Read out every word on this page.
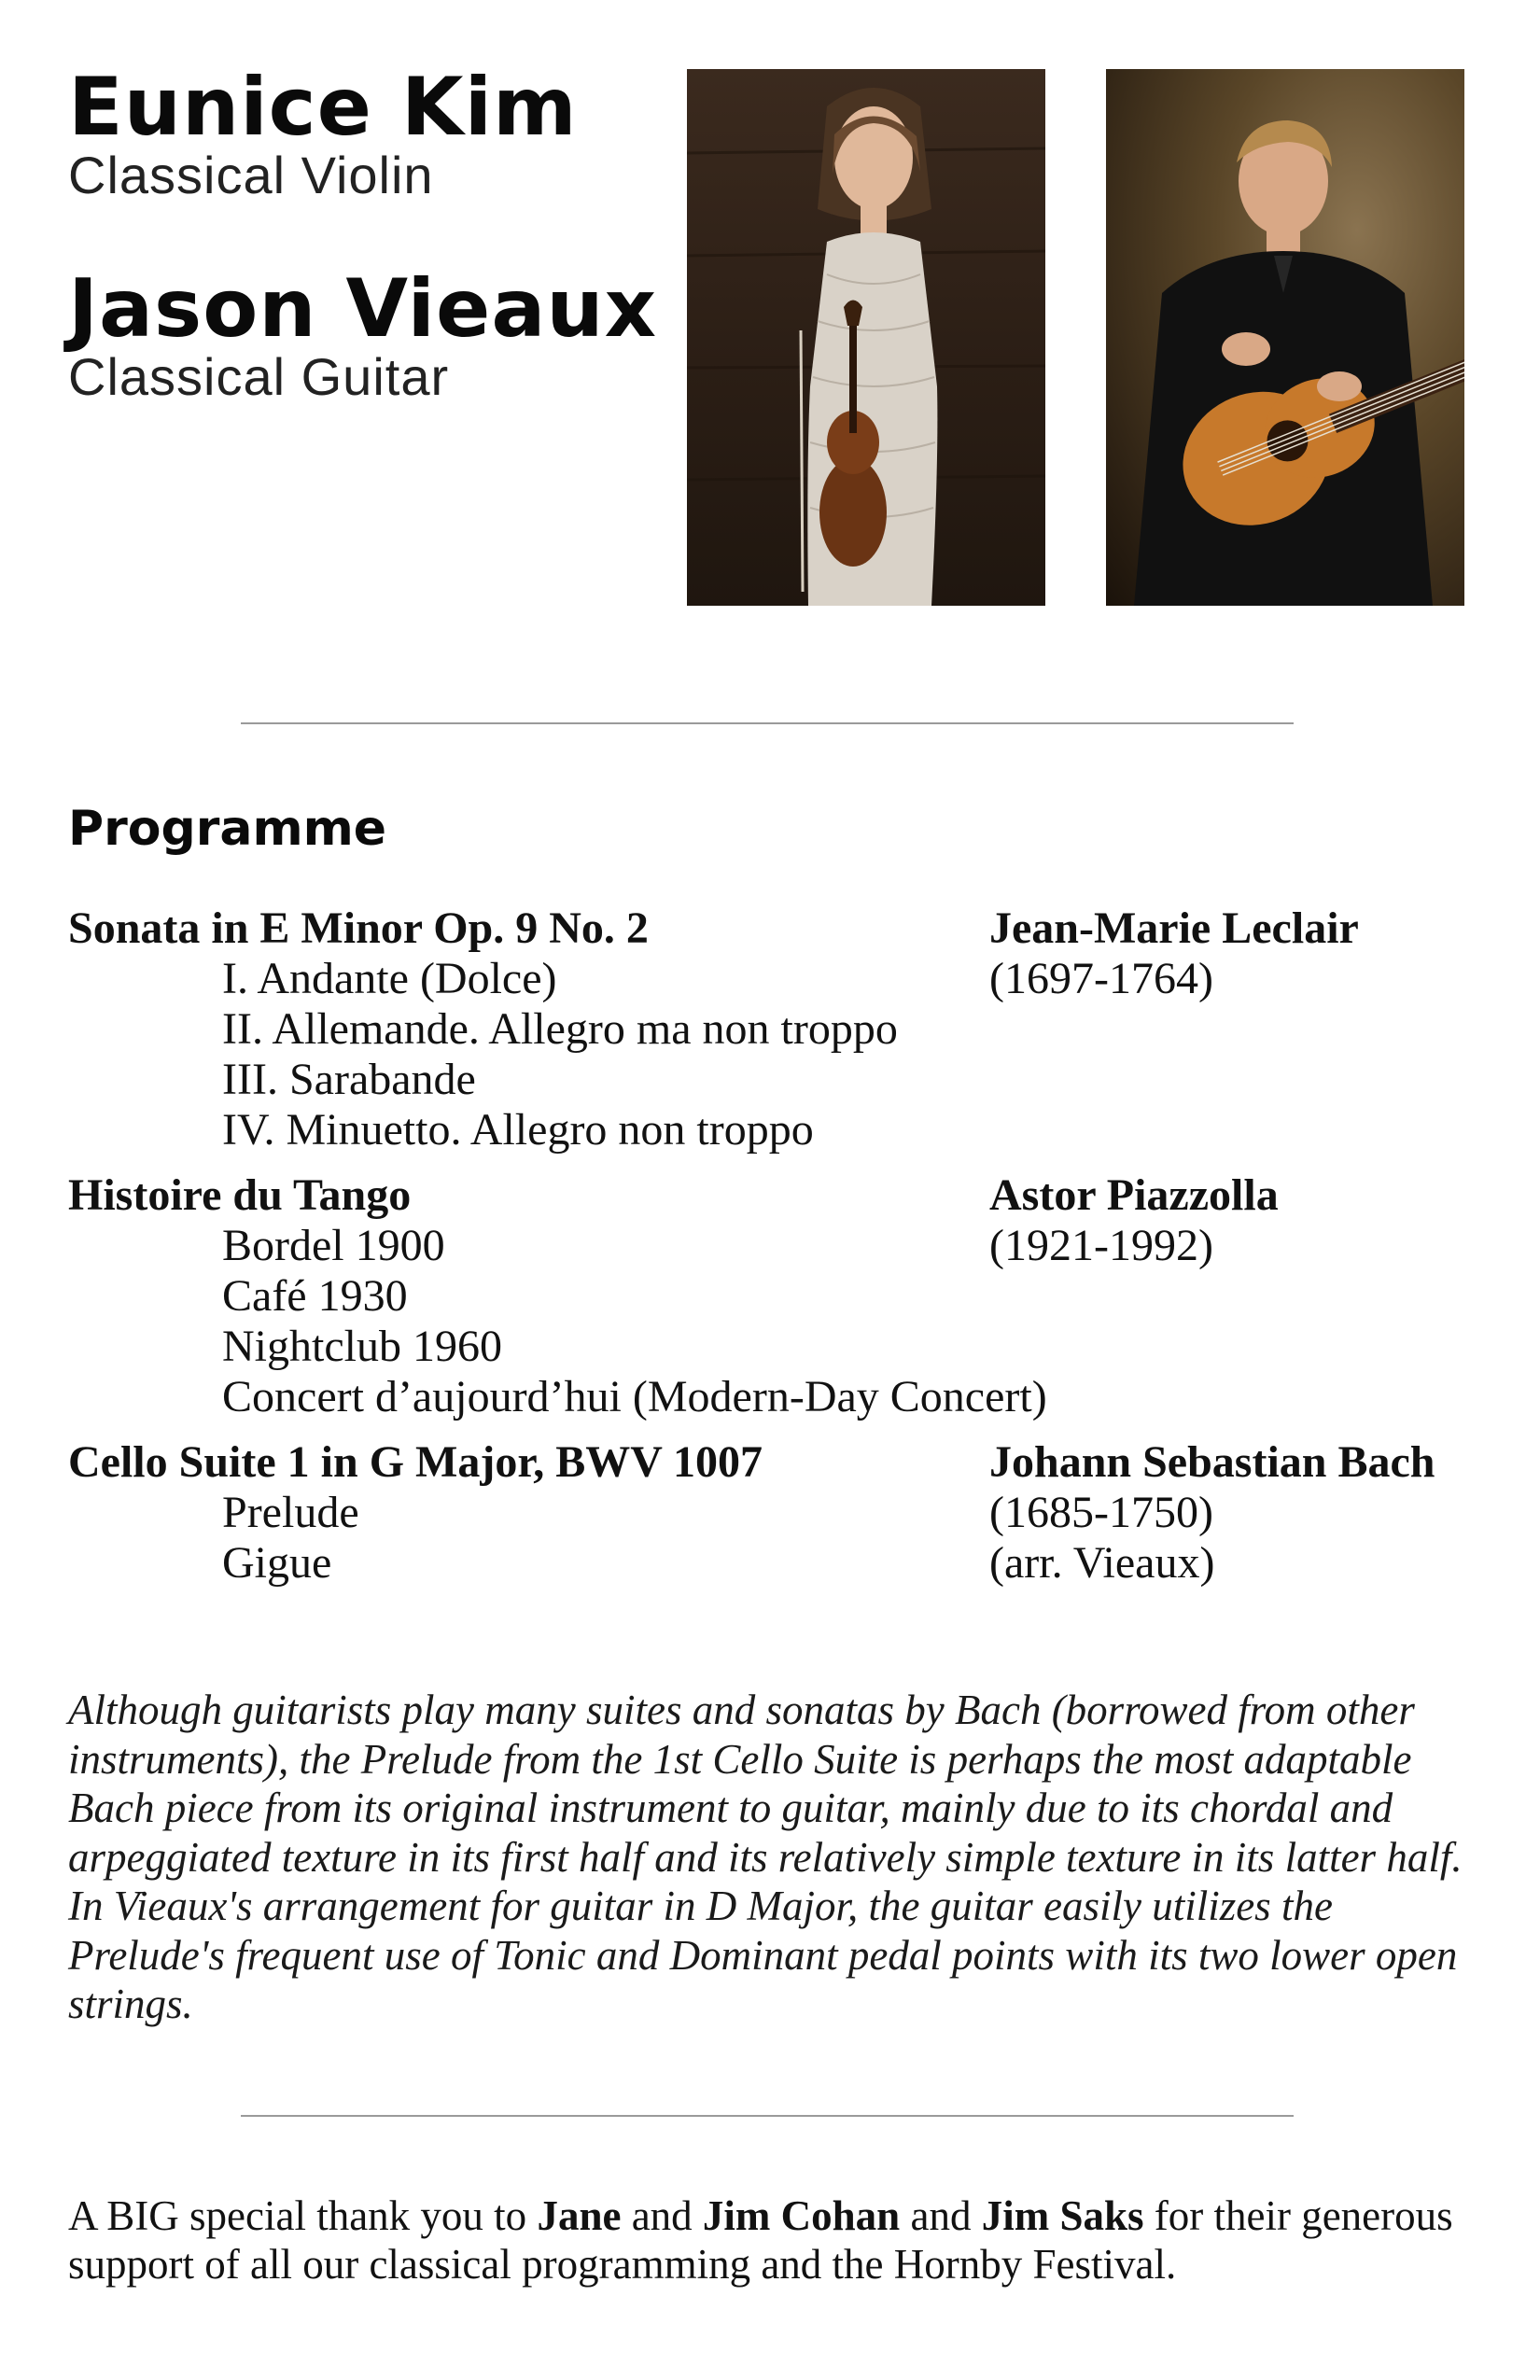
Eunice Kim

Classical Violin

Jason Vieaux

Classical Guitar

Programme

Sonata in E Minor Op. 9 No. 2

I. Andante (Dolce)

II. Allemande. Allegro ma non troppo

III. Sarabande

IV. Minuetto. Allegro non troppo

Jean-Marie Leclair

(1697-1764)

Histoire du Tango

Bordel 1900

Café 1930

Nightclub 1960

Concert d’aujourd’hui (Modern-Day Concert)

Astor Piazzolla

(1921-1992)

Cello Suite 1 in G Major, BWV 1007

Prelude

Gigue

Johann Sebastian Bach

(1685-1750)

(arr. Vieaux)

Although guitarists play many suites and sonatas by Bach (borrowed from other instruments), the Prelude from the 1st Cello Suite is perhaps the most adaptable Bach piece from its original instrument to guitar, mainly due to its chordal and arpeggiated texture in its first half and its relatively simple texture in its latter half. In Vieaux's arrangement for guitar in D Major, the guitar easily utilizes the Prelude's frequent use of Tonic and Dominant pedal points with its two lower open strings.

A BIG special thank you to Jane and Jim Cohan and Jim Saks for their generous support of all our classical programming and the Hornby Festival.
